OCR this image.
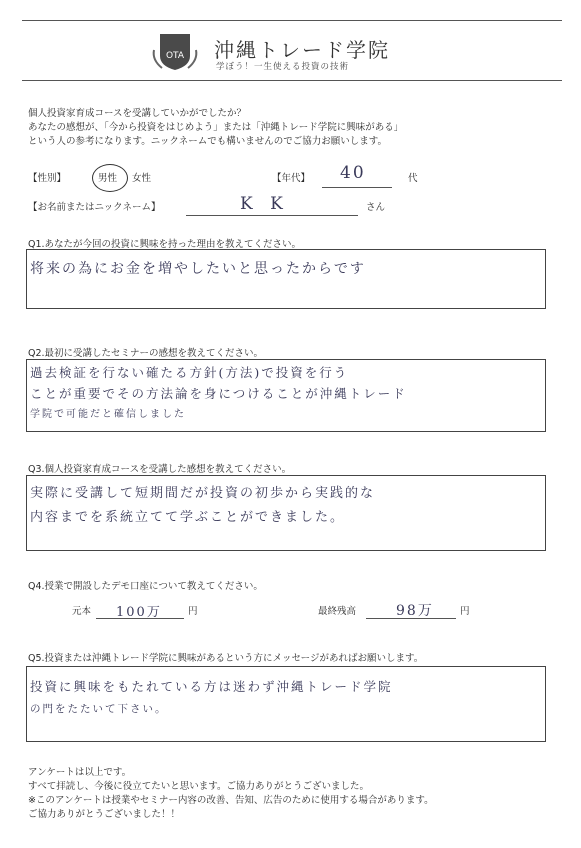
OTA 沖縄トレード学院
学ぼう！一生使える投資の技術
個人投資家育成コースを受講していかがでしたか？
あなたの感想が、「今から投資をはじめよう」または「沖縄トレード学院に興味がある」
という人の参考になります。ニックネームでも構いませんのでご協力お願いします。
【性別】	男性 女性	【年代】 40	代
【お名前またはニックネーム】	K K	さん
Q1.あなたが今回の投資に興味を持った理由を教えてください。
将来の為にお金を増やしたいと思ったからです
Q2.最初に受講したセミナーの感想を教えてください。
過去検証を行ない確たる方針(方法)で投資を行う
ことが重要でその方法論を身につけることが沖縄トレード
学院で可能だと確信しました
Q3.個人投資家育成コースを受講した感想を教えてください。
実際に受講して短期間だが投資の初歩から実践的な
内容までを系統立てて学ぶことができました。
Q4.授業で開設したデモ口座について教えてください。
元本 100万	円	最終残高	98万	円
Q5.投資または沖縄トレード学院に興味があるという方にメッセージがあればお願いします。
投資に興味をもたれている方は迷わず沖縄トレード学院
の門をたたいて下さい。
アンケートは以上です。
すべて拝読し、今後に役立てたいと思います。ご協力ありがとうございました。
※このアンケートは授業やセミナー内容の改善、告知、広告のために使用する場合があります。
ご協力ありがとうございました！！
